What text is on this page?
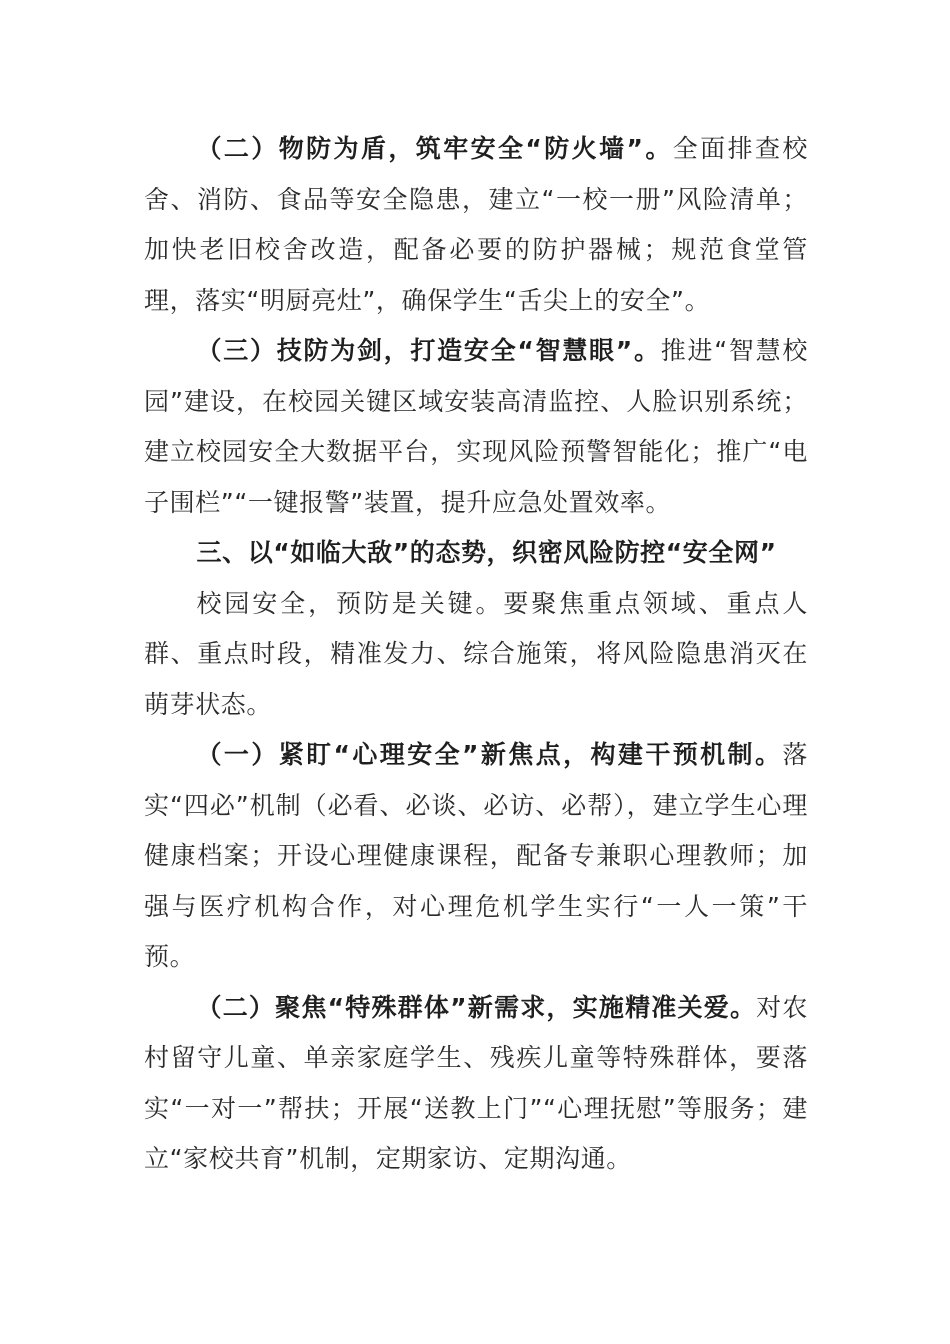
（二）物防为盾，筑牢安全“防火墙”。全面排查校舍、消防、食品等安全隐患，建立“一校一册”风险清单；加快老旧校舍改造，配备必要的防护器械；规范食堂管理，落实“明厨亮灶”，确保学生“舌尖上的安全”。

（三）技防为剑，打造安全“智慧眼”。推进“智慧校园”建设，在校园关键区域安装高清监控、人脸识别系统；建立校园安全大数据平台，实现风险预警智能化；推广“电子围栏”“一键报警”装置，提升应急处置效率。

三、以“如临大敌”的态势，织密风险防控“安全网”

校园安全，预防是关键。要聚焦重点领域、重点人群、重点时段，精准发力、综合施策，将风险隐患消灭在萌芽状态。

（一）紧盯“心理安全”新焦点，构建干预机制。落实“四必”机制（必看、必谈、必访、必帮），建立学生心理健康档案；开设心理健康课程，配备专兼职心理教师；加强与医疗机构合作，对心理危机学生实行“一人一策”干预。

（二）聚焦“特殊群体”新需求，实施精准关爱。对农村留守儿童、单亲家庭学生、残疾儿童等特殊群体，要落实“一对一”帮扶；开展“送教上门”“心理抚慰”等服务；建立“家校共育”机制，定期家访、定期沟通。
